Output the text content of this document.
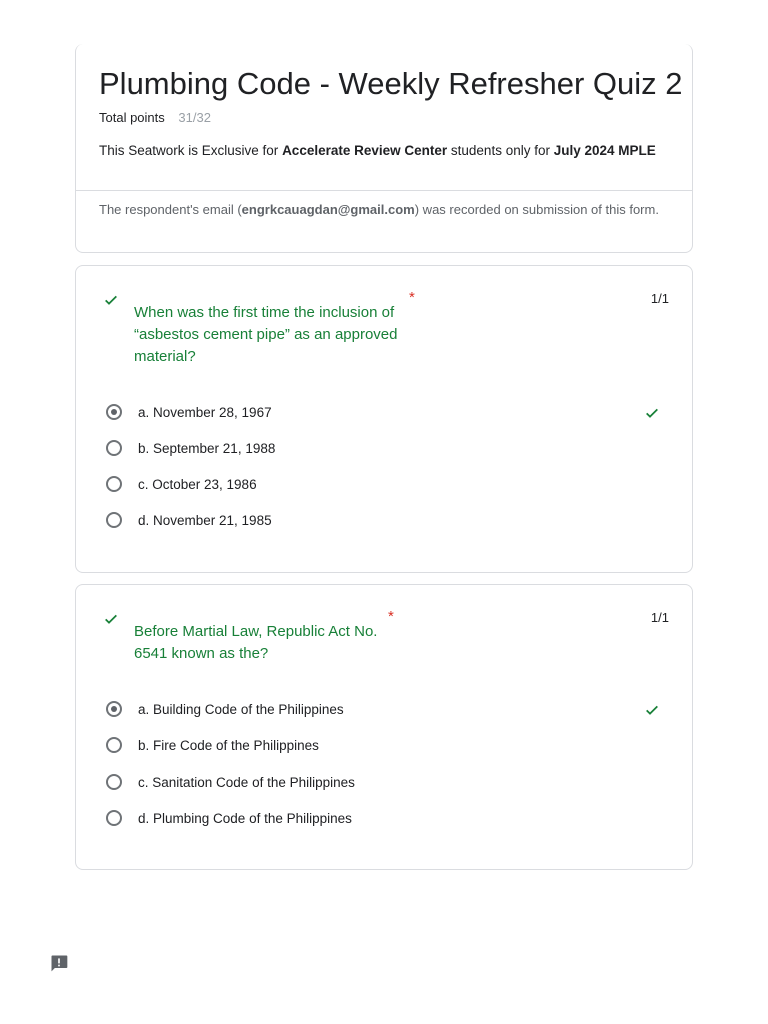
Plumbing Code - Weekly Refresher Quiz 2
Total points 31/32
This Seatwork is Exclusive for Accelerate Review Center students only for July 2024 MPLE
The respondent's email (engrkcauagdan@gmail.com) was recorded on submission of this form.
When was the first time the inclusion of “asbestos cement pipe” as an approved material?
*	1/1
a. November 28, 1967
b. September 21, 1988
c. October 23, 1986
d. November 21, 1985
Before Martial Law, Republic Act No. 6541 known as the?
*	1/1
a. Building Code of the Philippines
b. Fire Code of the Philippines
c. Sanitation Code of the Philippines
d. Plumbing Code of the Philippines
